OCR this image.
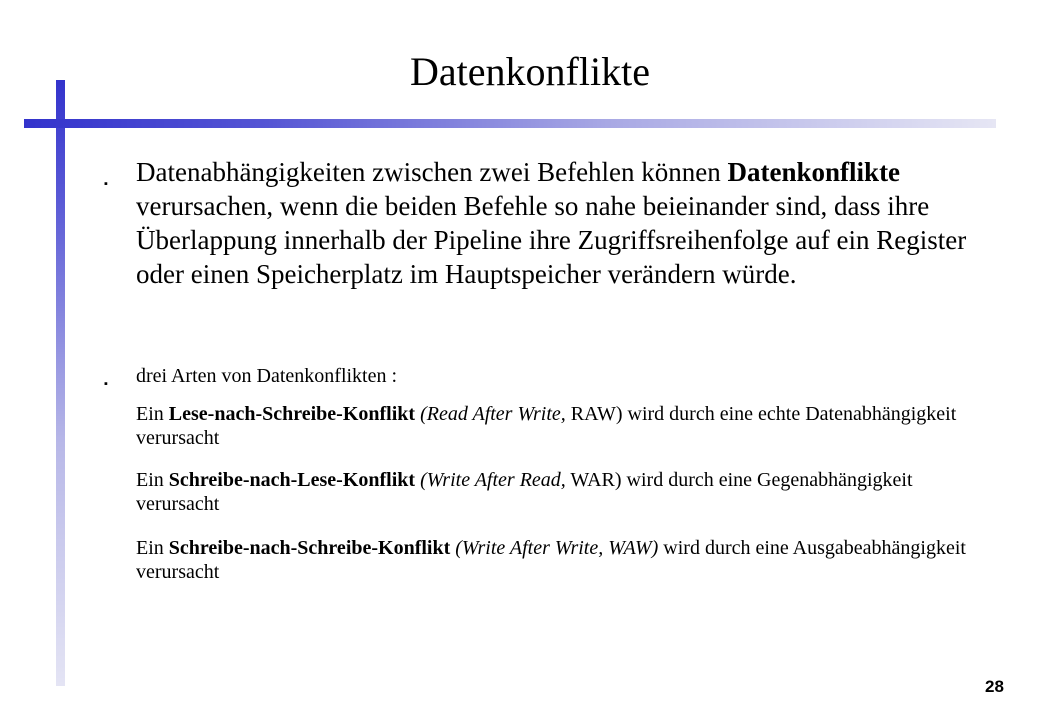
Datenkonflikte
▪ Datenabhängigkeiten zwischen zwei Befehlen können Datenkonflikte verursachen, wenn die beiden Befehle so nahe beieinander sind, dass ihre Überlappung innerhalb der Pipeline ihre Zugriffsreihenfolge auf ein Register oder einen Speicherplatz im Hauptspeicher verändern würde.
▪ drei Arten von Datenkonflikten :
Ein Lese-nach-Schreibe-Konflikt (Read After Write, RAW) wird durch eine echte Datenabhängigkeit verursacht
Ein Schreibe-nach-Lese-Konflikt (Write After Read, WAR) wird durch eine Gegenabhängigkeit verursacht
Ein Schreibe-nach-Schreibe-Konflikt (Write After Write, WAW) wird durch eine Ausgabeabhängigkeit verursacht
28
